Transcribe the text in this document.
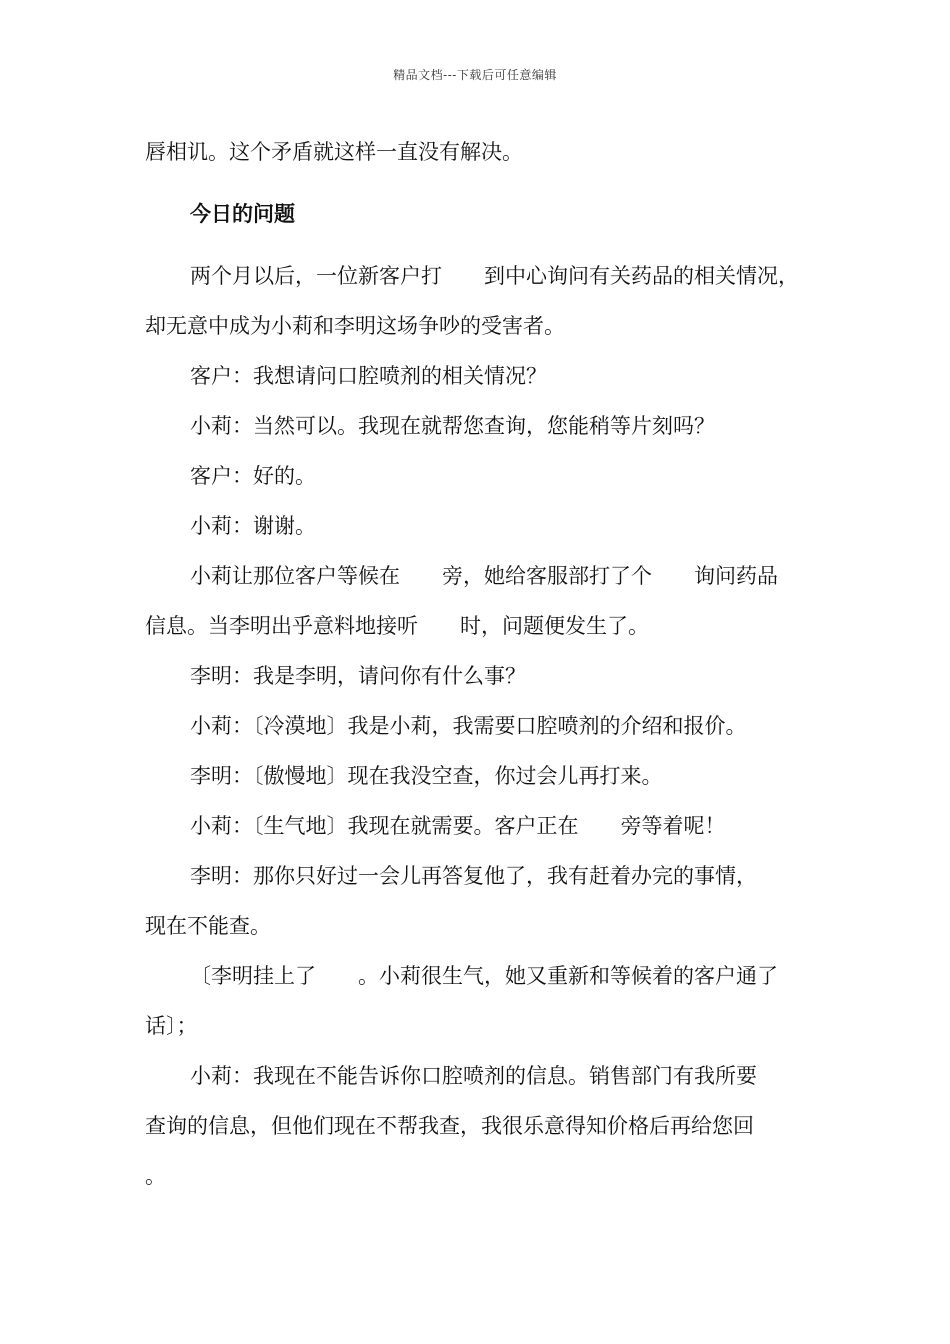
精品文档---下载后可任意编辑
唇相讥。这个矛盾就这样一直没有解决。
今日的问题
两个月以后，一位新客户打　　到中心询问有关药品的相关情况，
却无意中成为小莉和李明这场争吵的受害者。
客户：我想请问口腔喷剂的相关情况？
小莉：当然可以。我现在就帮您查询，您能稍等片刻吗？
客户：好的。
小莉：谢谢。
小莉让那位客户等候在　　旁，她给客服部打了个　　询问药品
信息。当李明出乎意料地接听　　时，问题便发生了。
李明：我是李明，请问你有什么事？
小莉：〔冷漠地〕我是小莉，我需要口腔喷剂的介绍和报价。
李明：〔傲慢地〕现在我没空查，你过会儿再打来。
小莉：〔生气地〕我现在就需要。客户正在　　旁等着呢！
李明：那你只好过一会儿再答复他了，我有赶着办完的事情，
现在不能查。
〔李明挂上了　　。小莉很生气，她又重新和等候着的客户通了
话〕；
小莉：我现在不能告诉你口腔喷剂的信息。销售部门有我所要
查询的信息，但他们现在不帮我查，我很乐意得知价格后再给您回
。
